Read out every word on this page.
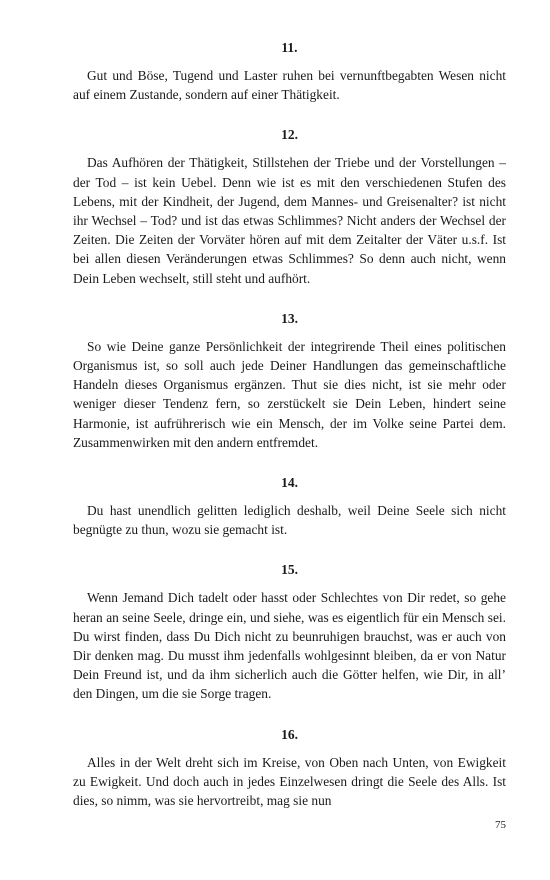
11.

Gut und Böse, Tugend und Laster ruhen bei vernunftbegabten Wesen nicht auf einem Zustande, sondern auf einer Thätigkeit.

12.

Das Aufhören der Thätigkeit, Stillstehen der Triebe und der Vorstellungen – der Tod – ist kein Uebel. Denn wie ist es mit den verschiedenen Stufen des Lebens, mit der Kindheit, der Jugend, dem Mannes- und Greisenalter? ist nicht ihr Wechsel – Tod? und ist das etwas Schlimmes? Nicht anders der Wechsel der Zeiten. Die Zeiten der Vorväter hören auf mit dem Zeitalter der Väter u.s.f. Ist bei allen diesen Veränderungen etwas Schlimmes? So denn auch nicht, wenn Dein Leben wechselt, still steht und aufhört.

13.

So wie Deine ganze Persönlichkeit der integrirende Theil eines politischen Organismus ist, so soll auch jede Deiner Handlungen das gemeinschaftliche Handeln dieses Organismus ergänzen. Thut sie dies nicht, ist sie mehr oder weniger dieser Tendenz fern, so zerstückelt sie Dein Leben, hindert seine Harmonie, ist aufrührerisch wie ein Mensch, der im Volke seine Partei dem. Zusammenwirken mit den andern entfremdet.

14.

Du hast unendlich gelitten lediglich deshalb, weil Deine Seele sich nicht begnügte zu thun, wozu sie gemacht ist.

15.

Wenn Jemand Dich tadelt oder hasst oder Schlechtes von Dir redet, so gehe heran an seine Seele, dringe ein, und siehe, was es eigentlich für ein Mensch sei. Du wirst finden, dass Du Dich nicht zu beunruhigen brauchst, was er auch von Dir denken mag. Du musst ihm jedenfalls wohlgesinnt bleiben, da er von Natur Dein Freund ist, und da ihm sicherlich auch die Götter helfen, wie Dir, in all’ den Dingen, um die sie Sorge tragen.

16.

Alles in der Welt dreht sich im Kreise, von Oben nach Unten, von Ewigkeit zu Ewigkeit. Und doch auch in jedes Einzelwesen dringt die Seele des Alls. Ist dies, so nimm, was sie hervortreibt, mag sie nun

75
